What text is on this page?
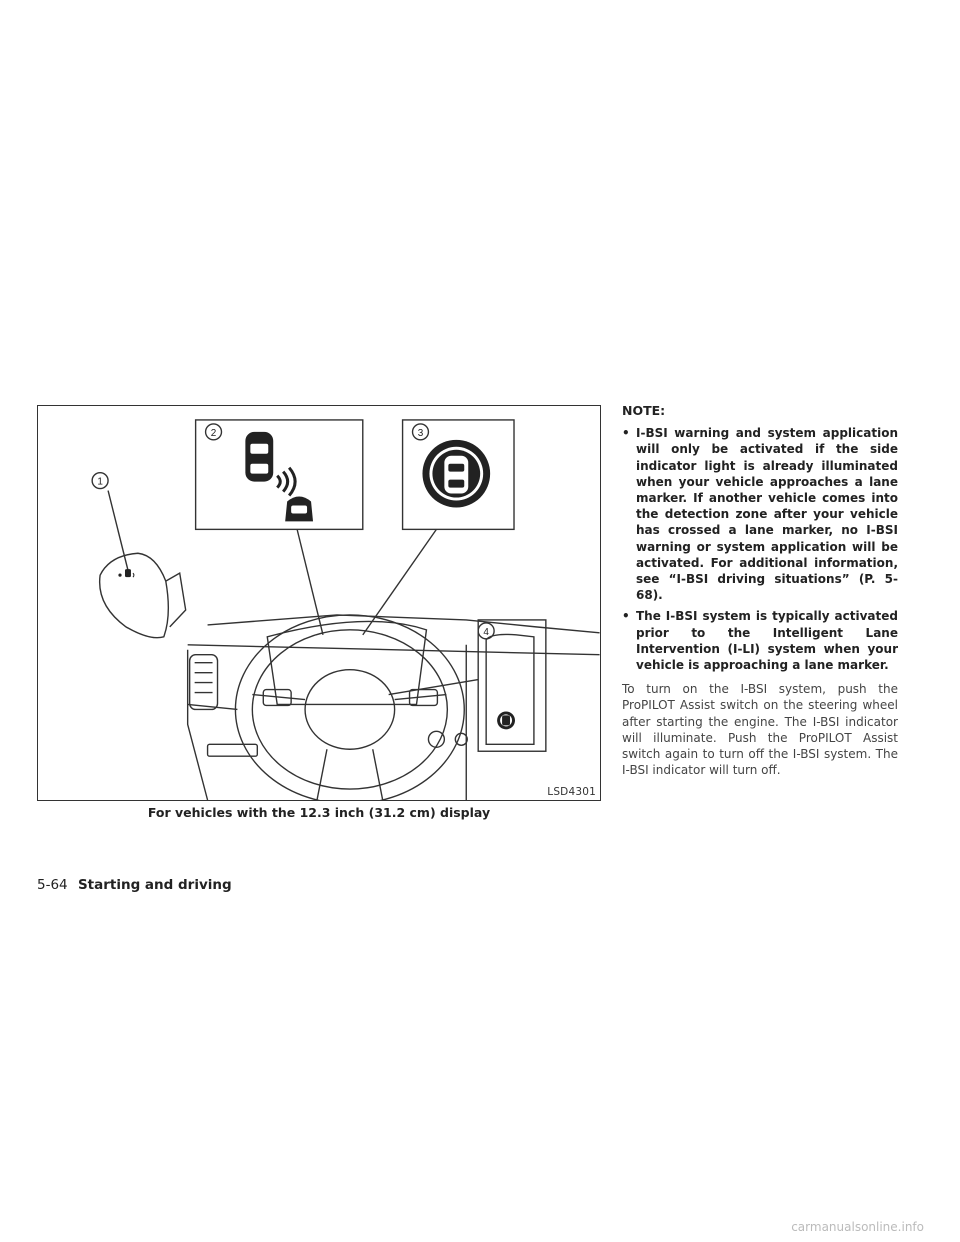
2	3
4
1
LSD4301
For vehicles with the 12.3 inch (31.2 cm) display
NOTE:
• I-BSI warning and system application will only be activated if the side indicator light is already illuminated when your vehicle approaches a lane marker. If another vehicle comes into the detection zone after your vehicle has crossed a lane marker, no I-BSI warning or system application will be activated. For additional information, see “I-BSI driving situations” (P. 5-68).
• The I-BSI system is typically activated prior to the Intelligent Lane Intervention (I-LI) system when your vehicle is approaching a lane marker.
To turn on the I-BSI system, push the ProPILOT Assist switch on the steering wheel after starting the engine. The I-BSI indicator will illuminate. Push the ProPILOT Assist switch again to turn off the I-BSI system. The I-BSI indicator will turn off.
5-64 Starting and driving
carmanualsonline.info
